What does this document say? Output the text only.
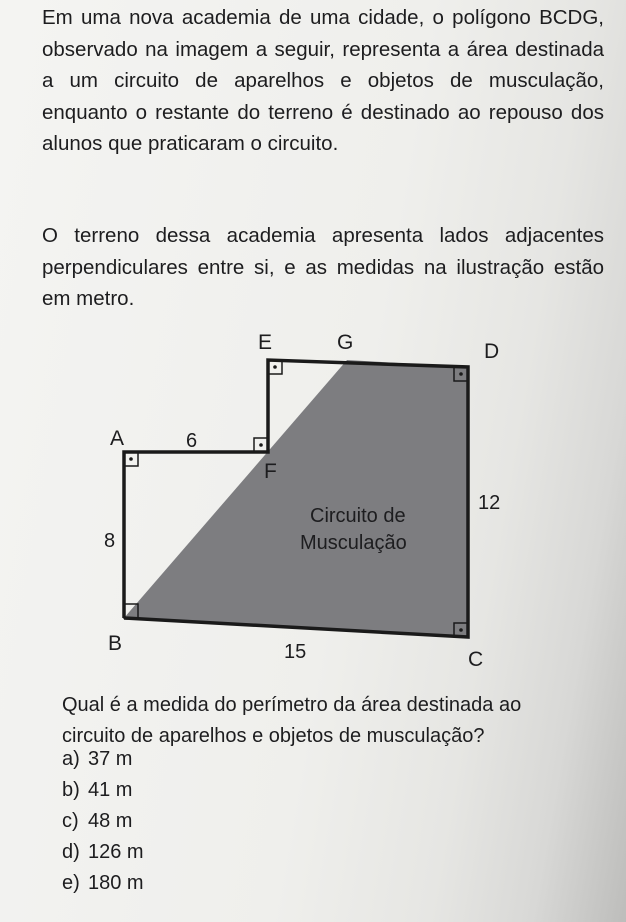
Em uma nova academia de uma cidade, o polígono BCDG, observado na imagem a seguir, representa a área destinada a um circuito de aparelhos e objetos de musculação, enquanto o restante do terreno é destinado ao repouso dos alunos que praticaram o circuito.
O terreno dessa academia apresenta lados adjacentes perpendiculares entre si, e as medidas na ilustração estão em metro.
E	G	D
A
F
B
C
6
8
12
15
Circuito de
Musculação
Qual é a medida do perímetro da área destinada ao circuito de aparelhos e objetos de musculação?
a) 37 m
b) 41 m
c) 48 m
d) 126 m
e) 180 m
